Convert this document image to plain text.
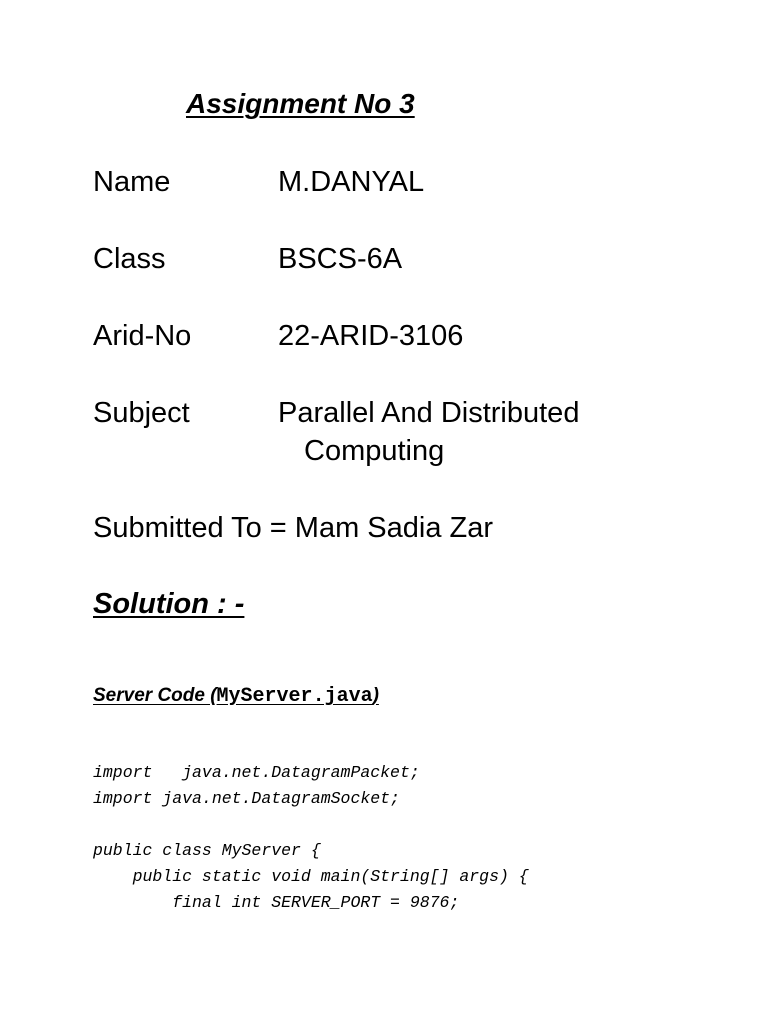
Assignment No 3
Name	M.DANYAL
Class	BSCS-6A
Arid-No	22-ARID-3106
Subject	Parallel And Distributed
Computing
Submitted To = Mam Sadia Zar
Solution : -
Server Code (MyServer.java)
import   java.net.DatagramPacket;
import java.net.DatagramSocket;

public class MyServer {
public static void main(String[] args) {
final int SERVER_PORT = 9876;
